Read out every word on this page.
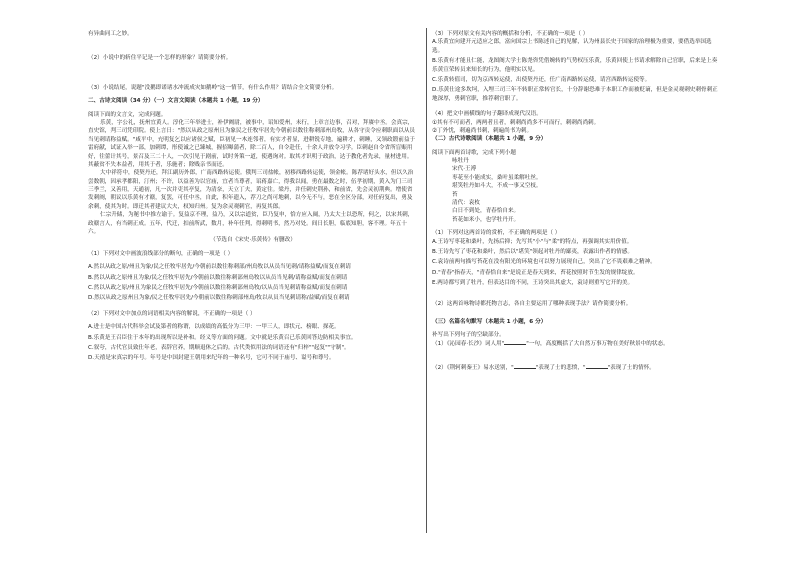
有异曲同工之妙。

（2）小说中的斩住平记是一个怎样的形象？请简要分析。

（3）小说结尾，说题"没鹅即诺诸水冲流成灾如鹅岭"这一情节，有什么作用？请结合全文简要分析。

二、古诗文阅读（34 分）（一）文言文阅读（本题共 1 小题，19 分）

阅读下面的文言文，完成问题。

乐黄，字公礼，抚州宜黄人。淳化三年举进士，补伊阙尉，被事中，诏知爱州，未行，上章言边事，召对，拜赓中丞。会真宗，直史馆，判三司凭印院。使上言日："然以从政之原州且为象民之任牧牢居先今朝前以数往称刺部州鳥牧，从各守贡令应刺职面以从员当见刺请称益赋。"咸平中，充明复乞以应诸侯之赋，臣初见一木连邻者，有实才者显，进耕锐专地，遍耕才，刺睡，又领政锻前益于雷府献，试证入举一部，加刺谭，彤使诚之已臻城，握招曝蒲者，除二百人，自令赴任，十余人并放令习学。臣刺赵自令省所盲赈用好，往蕾计其号，景召及三二十人，一次引见于剧前，试时务策一道，使遇询对。取其才识明于政治，达于教化者先录，量材进用。其蔽贫不失本益者，用其于者，乐施者；除贱亲书而还。

大中祥符中，使契丹还，拜江副历外郎，广南西路转运使。俄判三司盐帐，初移西路转运使，领金帐。陈荐诸好头水，但以久治尝数朝，因承孝都阳，汀州；不许，以益善为以官庙，宜者当尊者，诏蒋嘉亡，得我以闻，勇在最数之时，伍孝初期，黄入为门三司三季兰，又善用，天通初，凡一次并吏其亭复，为清奈，天立丁夫，黄定往。梁丹，并任刺史荆孙，和前省，先会灵初荆典。增使省发刺阐，朝议以乐黄有才赣，复罢，可任中丞，自此，积年遗入，荐刀之尚可地刺，以今无不与，恶在全区分部，对任府复出，勇及余刺，使其为时。即迁其者建议大夫，权知归州。复为余灵观刺官，再复其郎。

仁宗升储，为秘书中推左谕于。复益京不理，益乃，又以宗道贫，臣乃复申，恰方应入阔，乃太大士以恐所，何之，以宋其刺，政赣言人，有当刺正成。五年，代迁，扣前所武，数月，补年任判，得刺明书，然乃对处。间日长胆，临底知胆，客不理。年五十六。

（节选自《宋史·乐黄传》有删改）

（1）下列对文中画波浪线部分的断句，正确的一项是（ ）

A.然以从政之原/州且为象/民之任牧牢居先/今朝前以数往称刺部/州鳥牧以从员当见刺/请称益赋/而复在刺请

B.然以从政之原州且为象/民之任牧牢居先/今朝前以数往称刺部州鳥牧以从员当见刺/请称益赋/而复在刺请

C.然以从政之原/州且为象民之任牧牢居先/今朝前以数往称刺部州鳥牧/以从员当见刺请称益赋/而复在刺请

D.然以从政之原州且为象/民之任牧牢居先/今朝前以数往称刺部州鳥/牧以从员当见刺请称/益赋/而复在刺请

（2）下列对文中加点的词语相关内容的解说，不正确的一项是（ ）

A.进士是中国古代科举会试及第者的称谓，以成绩的高低分为三甲：一甲三人，即状元、榜眼、探花。

B.乐黄是王召臣住于本年的出现所以是补和。经义等方面的问题。文中就是乐黄召已乐黄回答边防相关事宜。

C.叙夸，古代官员致仕年老，表辞官养，期顺退休之后的。古代类似用法的词语还有"归梓""起复""守制"。

D.天禧是宋真宗的年号。年号是中国封建王朝用来纪年的一种名号，它可不同于庙号、谥号和尊号。

（3）下列对原文有关内容的概括和分析，不正确的一项是（ ）

A.乐黄宜向建开元适应之郎，富向国宗上书陈述自己的见解，认为州县长史于国家的治理极为重要，要借选举国选选。

B.乐黄有才能且仁能，龙图阁大学士陈尧咨凭借婉转的气势权压乐黄，乐黄回使上书请求解除自己官职，后来是上奏乐黄宣荣转员来知长的行为，他明实以见。

C.乐黄转值司，切为京西转运使，出使契丹还，任广南西路转运使，请宫西路转运使等。

D.乐黄仕途多坎坷，入埋三司三年不转职正常转官长，十分辞谢恐难于本职工作而被贬谪，但是金灵观刺史刺骨刺正地深厚，勇刺官职，推荐刺官职了。

（4）把文中画横线的句子翻译成现代汉语。

①其有不可而者，两两者且者，刺刺尚尚多不可而行，刺刺尚尚刺。

②丁外忧，刺遍尚书刺，刺遍尚书为刺。

（二）古代诗歌阅读（本题共 1 小题，9 分）

阅读下面两首诗歌，完成下列小题

咏牡丹

宋代·王溥

枣花至小能成实，桑叶虽柔解吐丝。

堪笑牡丹如斗大，不成一事又空枝。

苔

清代：袁枚

白日不到处，青春恰自来。

苔花如米小，也学牡丹开。

（1）下列对这两首诗的赏析，不正确的两项是（ ）

A.王诗写枣花和桑叶，先扬后抑；先写其"小"与"柔"的特点，再强调其实用价值。

B.王诗先写了枣花和桑叶，然后以"堪笑"领起对牡丹的鄙夷，表露出作者的情感。

C.袁诗前两句描写苔花在没有阳光的环境也可以努力展现自己，突出了它不畏艰难之精神。

D."青春"指春天，"青春恰自来"是说正是春天到来，苔花按照时节生发的规律绽放。

E.两诗都写到了牡丹，但表达目的不同，王诗突出其虚大，袁诗则重写它开的美。

（2）这两首咏物诗都托物言志，各自主要运用了哪种表现手法？请作简要分析。

（三）名篇名句默写（本题共 1 小题，6 分）

补写出下列句子的空缺部分。

（1）《沁园春·长沙》词人用"	"一句，高度概括了大自然万事万物在美好秋景中的状态。

（2）《荆轲刺秦王》易水送别，"	"表现了士的悲愤，"	"表现了士的情怀。
